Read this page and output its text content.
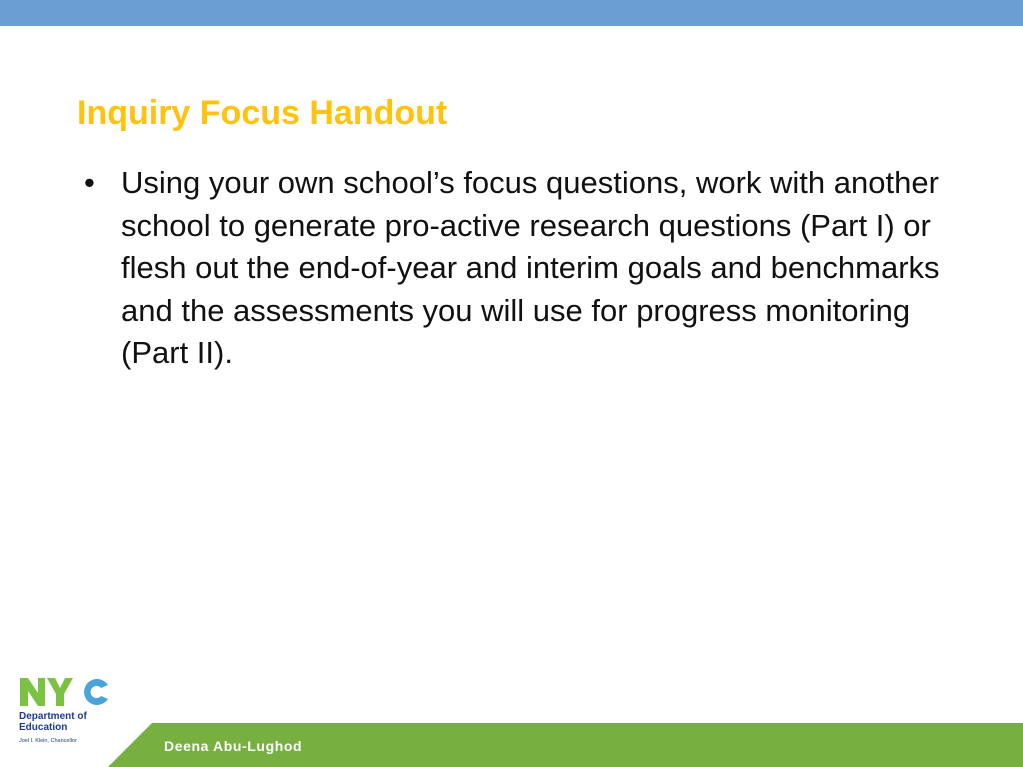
Inquiry Focus Handout
• Using your own school’s focus questions, work with another school to generate pro-active research questions (Part I) or flesh out the end-of-year and interim goals and benchmarks and the assessments you will use for progress monitoring (Part II).
Deena Abu-Lughod
Department of Education
Joel I. Klein, Chancellor
